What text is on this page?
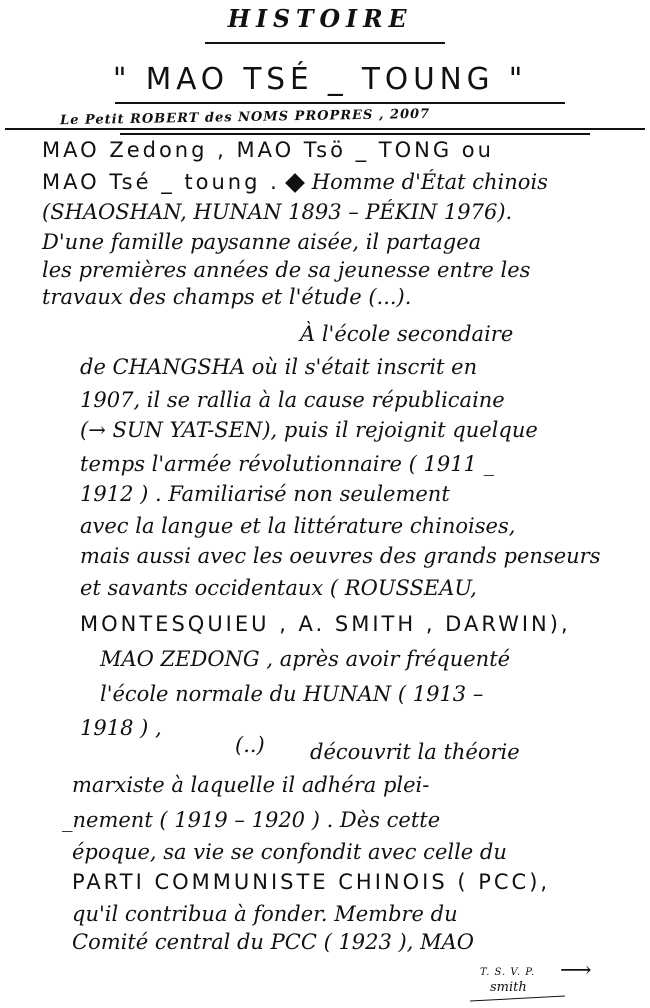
HISTOIRE
" MAO TSÉ _ TOUNG "
Le Petit ROBERT des NOMS PROPRES , 2007
MAO Zedong , MAO Tsö _ TONG ou
MAO Tsé _ toung . Homme d'État chinois
(SHAOSHAN, HUNAN 1893 – PÉKIN 1976).
D'une famille paysanne aisée, il partagea
les premières années de sa jeunesse entre les
travaux des champs et l'étude (...).
À l'école secondaire
de CHANGSHA où il s'était inscrit en
1907, il se rallia à la cause républicaine
(→ SUN YAT-SEN), puis il rejoignit quelque
temps l'armée révolutionnaire ( 1911 _
1912 ) . Familiarisé non seulement
avec la langue et la littérature chinoises,
mais aussi avec les oeuvres des grands penseurs
et savants occidentaux ( ROUSSEAU,
MONTESQUIEU , A. SMITH , DARWIN),
MAO ZEDONG , après avoir fréquenté
l'école normale du HUNAN ( 1913 –
1918 ) ,
(..) découvrit la théorie
marxiste à laquelle il adhéra plei-
_nement ( 1919 – 1920 ) . Dès cette
époque, sa vie se confondit avec celle du
PARTI COMMUNISTE CHINOIS ( PCC),
qu'il contribua à fonder. Membre du
Comité central du PCC ( 1923 ), MAO
T. S. V. P. ⟶
smith
